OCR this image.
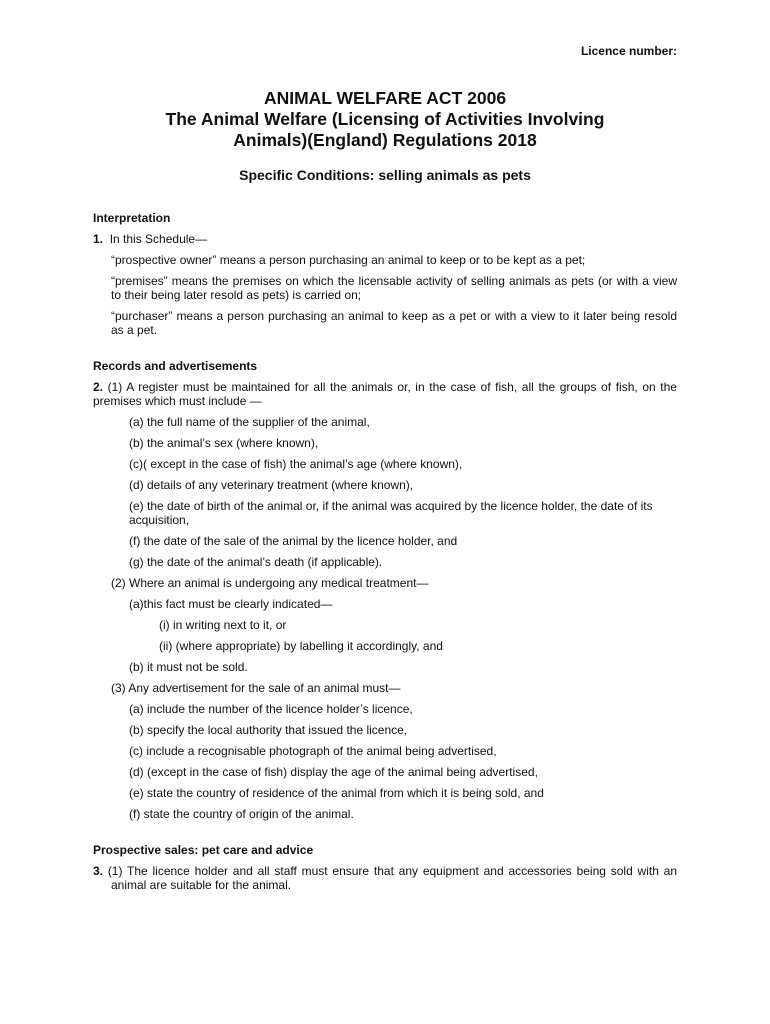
Licence number:
ANIMAL WELFARE ACT 2006
The Animal Welfare (Licensing of Activities Involving
Animals)(England) Regulations 2018
Specific Conditions: selling animals as pets

Interpretation

1. In this Schedule—

“prospective owner” means a person purchasing an animal to keep or to be kept as a pet;

“premises” means the premises on which the licensable activity of selling animals as pets (or with a view to their being later resold as pets) is carried on;

“purchaser” means a person purchasing an animal to keep as a pet or with a view to it later being resold as a pet.

Records and advertisements

2. (1) A register must be maintained for all the animals or, in the case of fish, all the groups of fish, on the premises which must include —

(a) the full name of the supplier of the animal,

(b) the animal’s sex (where known),

(c)( except in the case of fish) the animal’s age (where known),

(d) details of any veterinary treatment (where known),

(e) the date of birth of the animal or, if the animal was acquired by the licence holder, the date of its acquisition,

(f) the date of the sale of the animal by the licence holder, and

(g) the date of the animal’s death (if applicable).

(2) Where an animal is undergoing any medical treatment—

(a)this fact must be clearly indicated—

(i) in writing next to it, or

(ii) (where appropriate) by labelling it accordingly, and

(b) it must not be sold.

(3) Any advertisement for the sale of an animal must—

(a) include the number of the licence holder’s licence,

(b) specify the local authority that issued the licence,

(c) include a recognisable photograph of the animal being advertised,

(d) (except in the case of fish) display the age of the animal being advertised,

(e) state the country of residence of the animal from which it is being sold, and

(f) state the country of origin of the animal.

Prospective sales: pet care and advice

3. (1) The licence holder and all staff must ensure that any equipment and accessories being sold with an animal are suitable for the animal.
